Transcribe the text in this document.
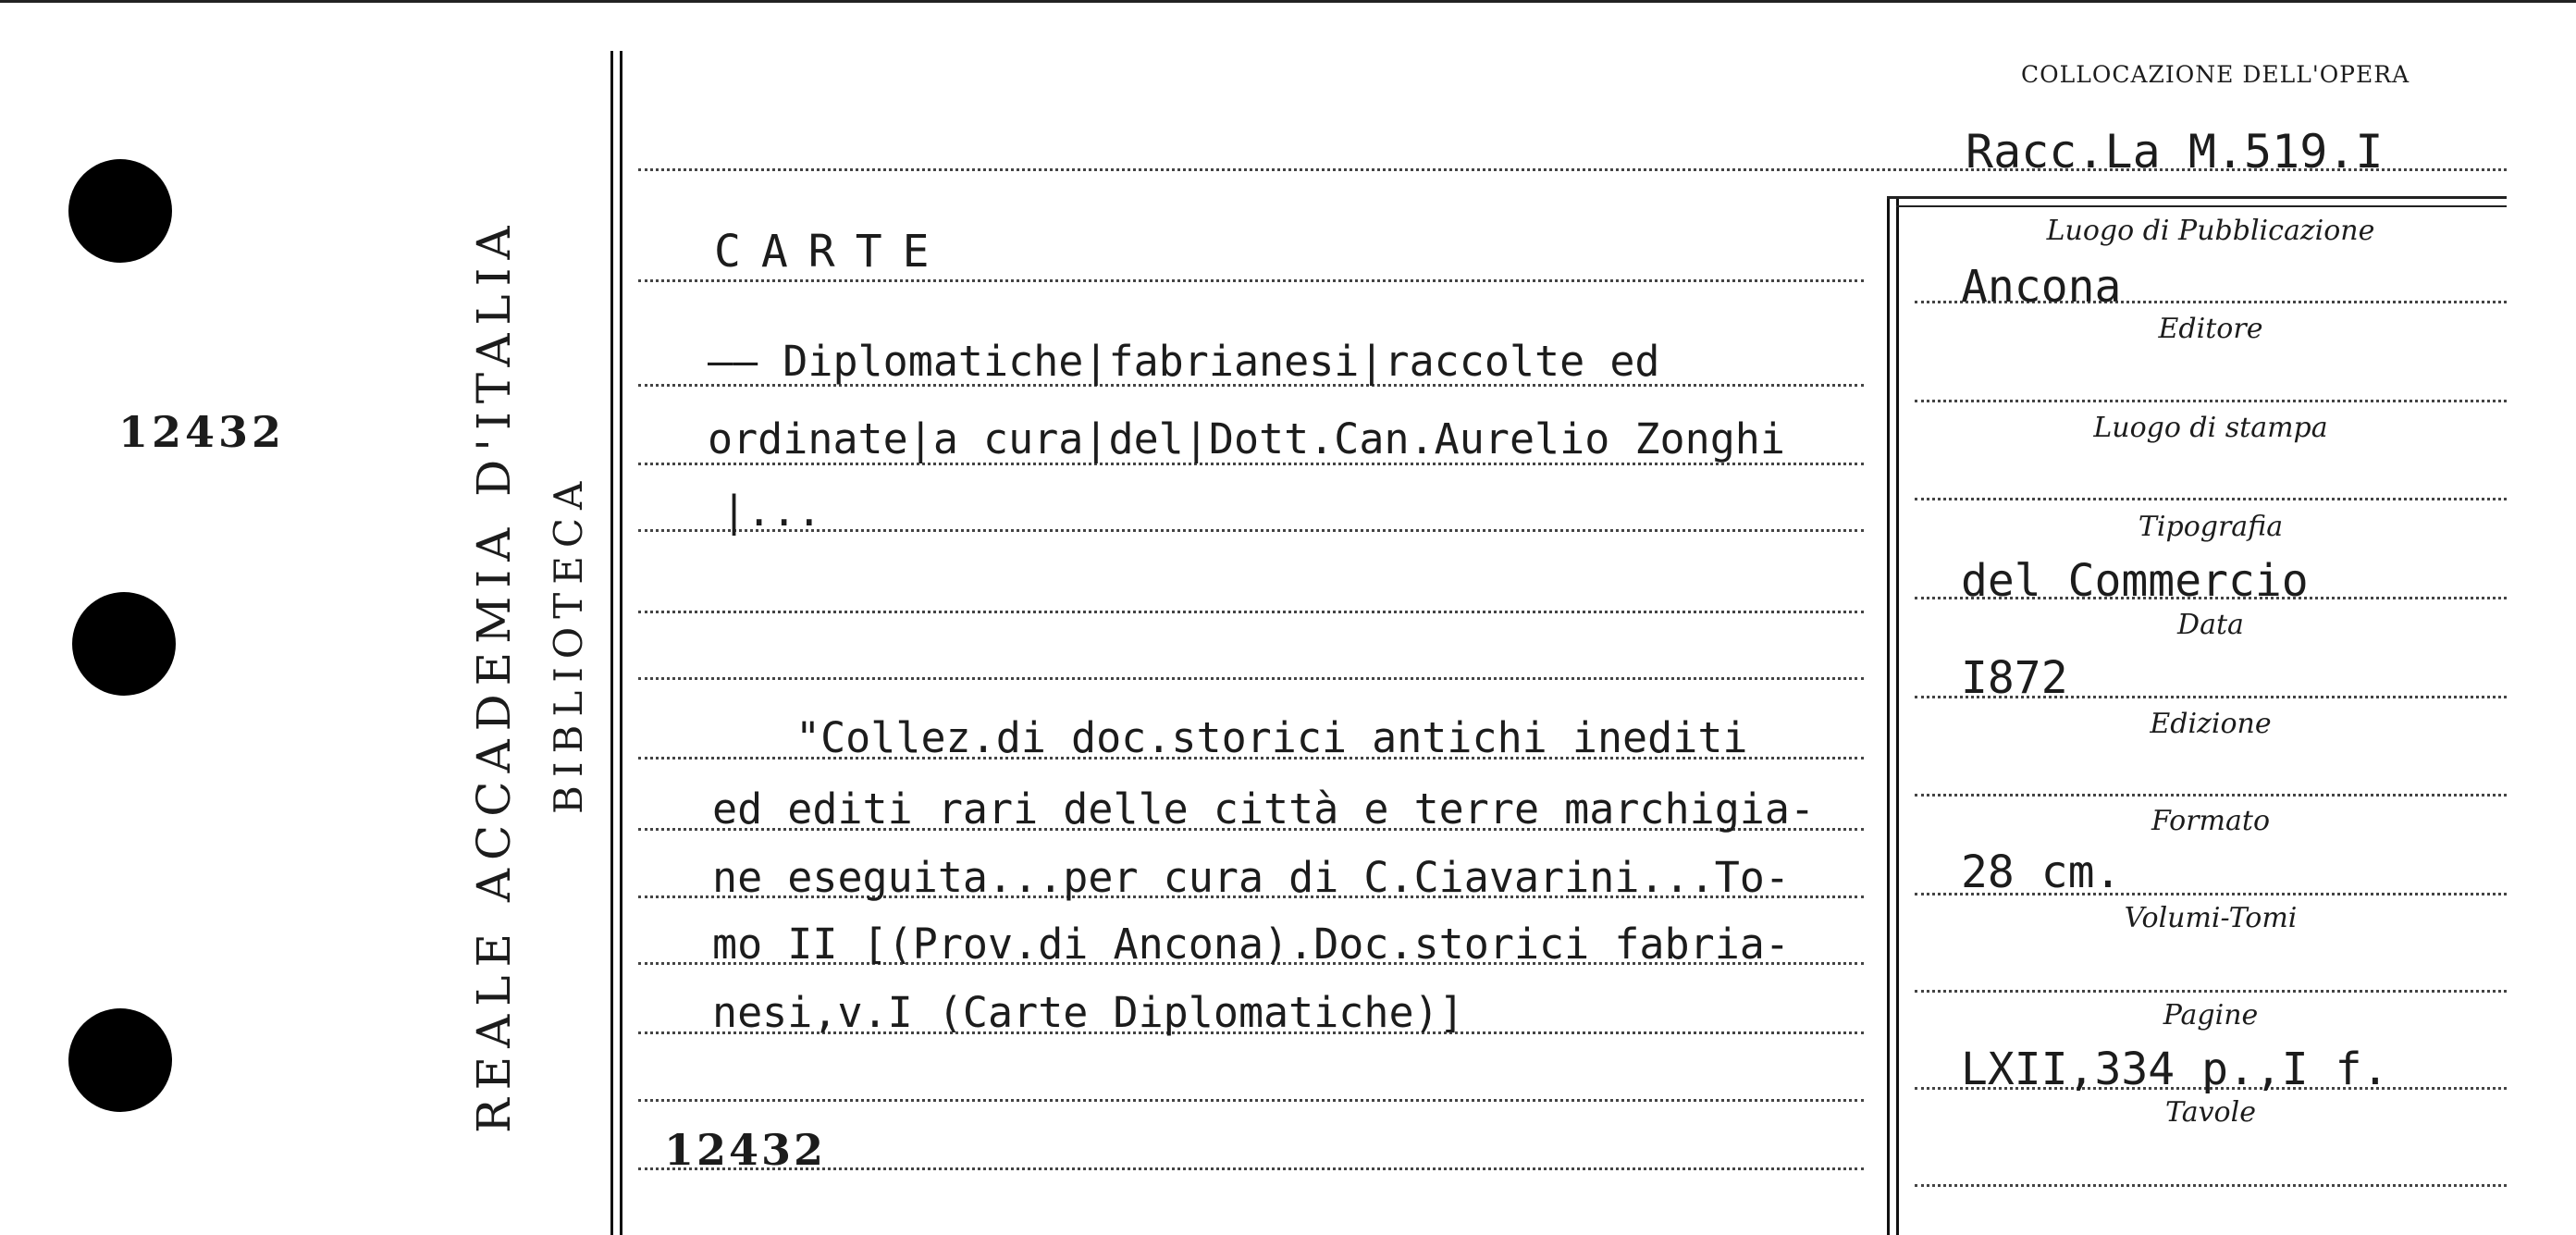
12432	REALE ACCADEMIA D'ITALIA BIBLIOTECA
COLLOCAZIONE DELL'OPERA
Racc.La M.519.I
CARTE
—— Diplomatiche|fabrianesi|raccolte ed
ordinate|a cura|del|Dott.Can.Aurelio Zonghi
|...
"Collez.di doc.storici antichi inediti
ed editi rari delle città e terre marchigia-
ne eseguita...per cura di C.Ciavarini...To-
mo II [(Prov.di Ancona).Doc.storici fabria-
nesi,v.I (Carte Diplomatiche)]
12432
Luogo di Pubblicazione
Editore
Luogo di stampa
Tipografia
Data
Edizione
Formato
Volumi-Tomi
Pagine
Tavole
Ancona
del Commercio
I872
28 cm.
LXII,334 p.,I f.
